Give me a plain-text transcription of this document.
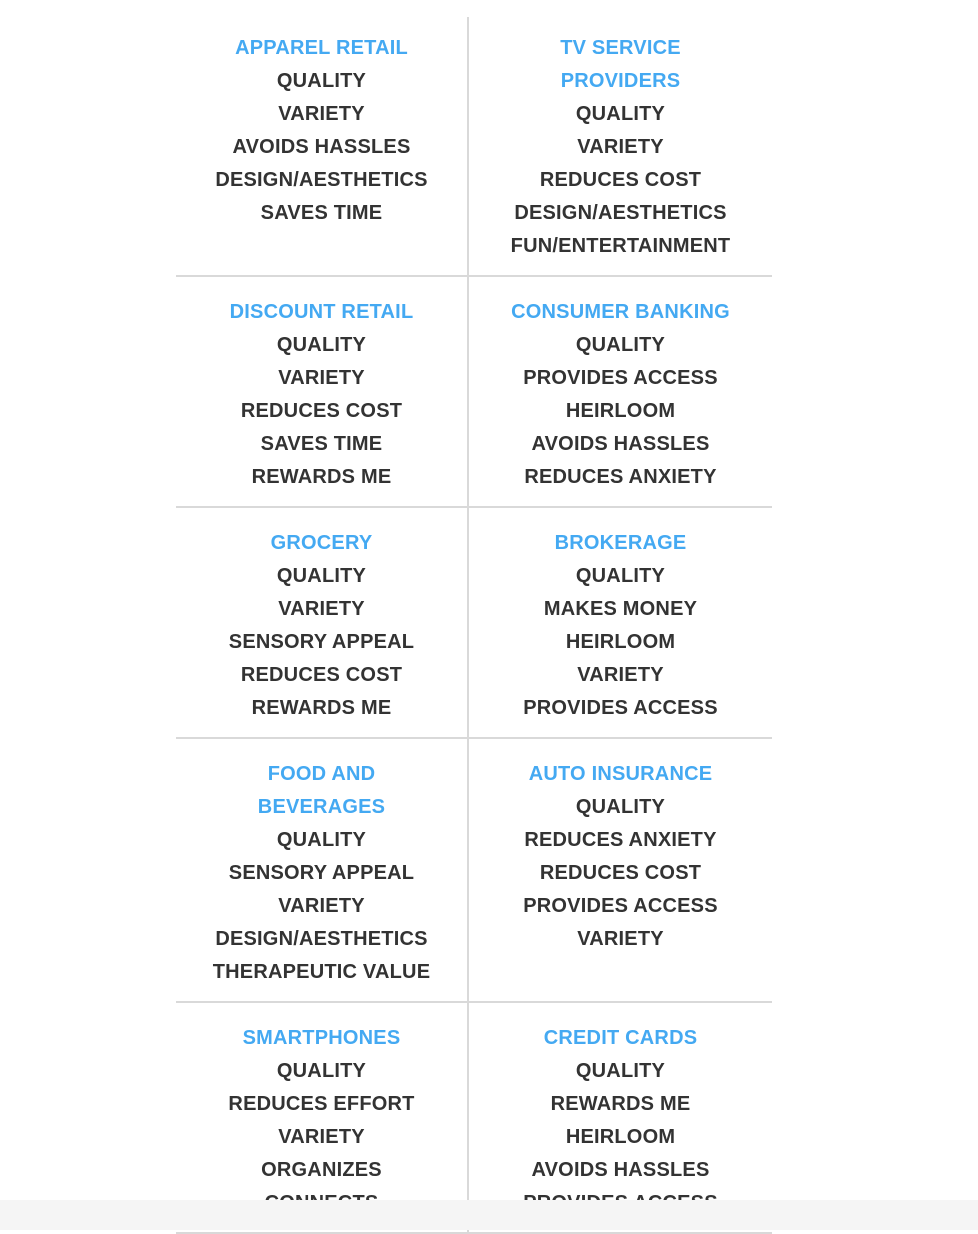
APPAREL RETAIL
QUALITY
VARIETY
AVOIDS HASSLES
DESIGN/AESTHETICS
SAVES TIME
TV SERVICE
PROVIDERS
QUALITY
VARIETY
REDUCES COST
DESIGN/AESTHETICS
FUN/ENTERTAINMENT
DISCOUNT RETAIL
QUALITY
VARIETY
REDUCES COST
SAVES TIME
REWARDS ME
CONSUMER BANKING
QUALITY
PROVIDES ACCESS
HEIRLOOM
AVOIDS HASSLES
REDUCES ANXIETY
GROCERY
QUALITY
VARIETY
SENSORY APPEAL
REDUCES COST
REWARDS ME
BROKERAGE
QUALITY
MAKES MONEY
HEIRLOOM
VARIETY
PROVIDES ACCESS
FOOD AND
BEVERAGES
QUALITY
SENSORY APPEAL
VARIETY
DESIGN/AESTHETICS
THERAPEUTIC VALUE
AUTO INSURANCE
QUALITY
REDUCES ANXIETY
REDUCES COST
PROVIDES ACCESS
VARIETY
SMARTPHONES
QUALITY
REDUCES EFFORT
VARIETY
ORGANIZES
CREDIT CARDS
QUALITY
REWARDS ME
HEIRLOOM
AVOIDS HASSLES
